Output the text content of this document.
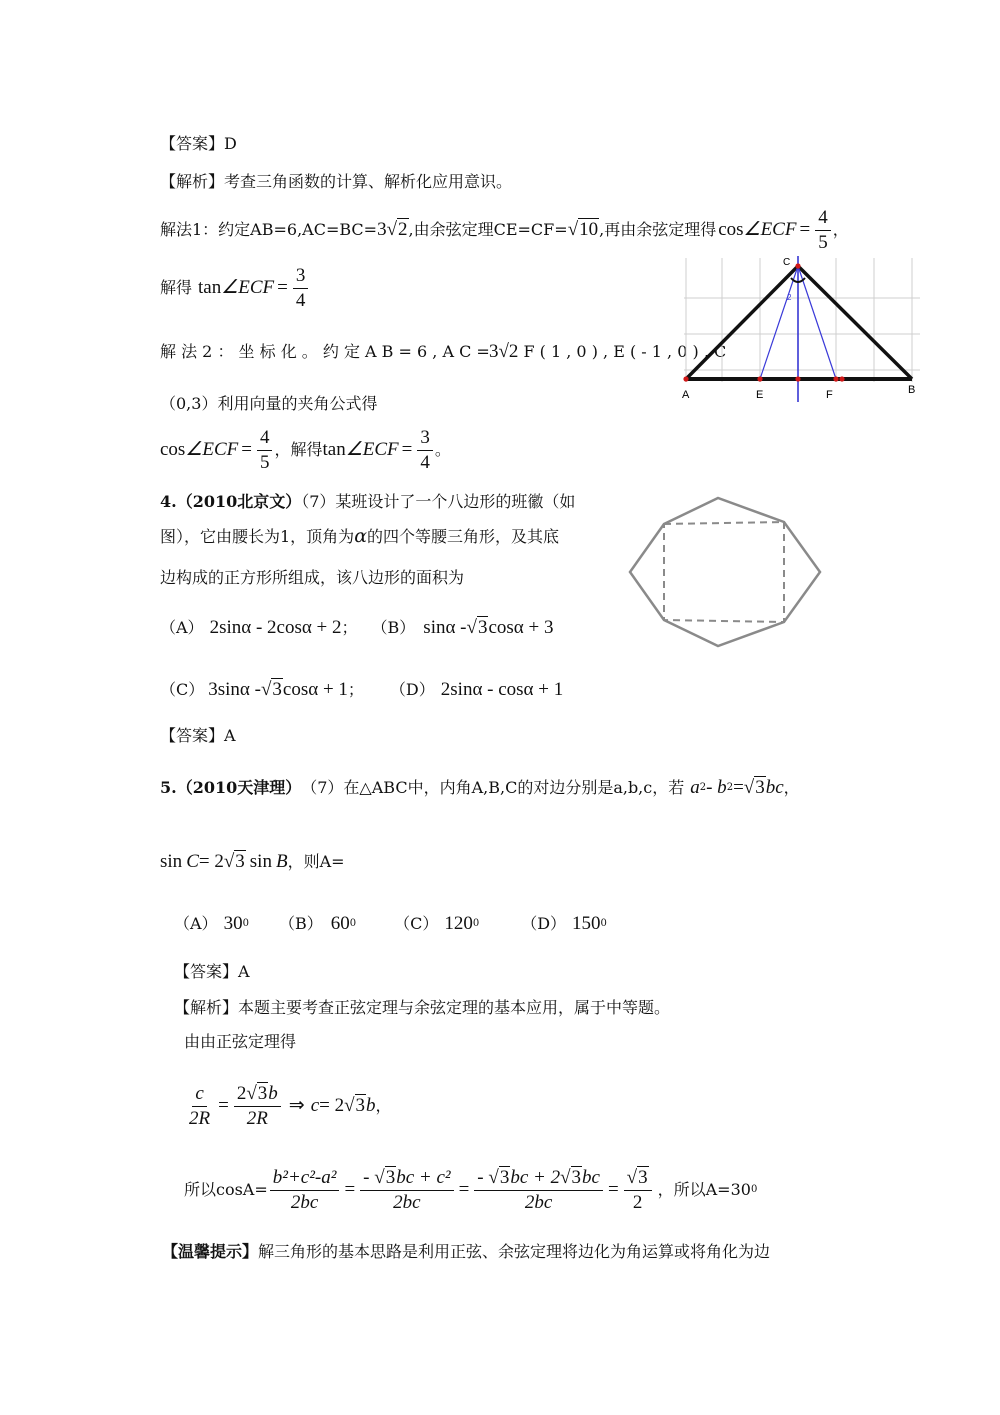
【答案】D
【解析】考查三角函数的计算、解析化应用意识。
解法1：约定AB=6,AC=BC= 3√2 ,由余弦定理CE=CF= √10 ,再由余弦定理得 cos ∠ECF = $\frac{4}{5}$ ，
解得 tan ∠ECF = $\frac{3}{4}$
解 法 2 ： 坐 标 化 。 约 定 A B = 6 , A C = 3√2 F ( 1 , 0 ) , E ( - 1 , 0 ) , C
（0,3）利用向量的夹角公式得
cos ∠ECF = $\frac{4}{5}$ ，解得 tan ∠ECF = $\frac{3}{4}$ 。
A	E	F	B
C
2
4.（2010北京文）（7）某班设计了一个八边形的班徽（如
图），它由腰长为1，顶角为α的四个等腰三角形，及其底
边构成的正方形所组成，该八边形的面积为
（A） 2sinα - 2cosα + 2 ； （B） sinα - √3 cosα + 3
（C） 3sinα - √3 cosα + 1 ； （D） 2sinα - cosα + 1
【答案】A
5.（2010天津理） （7）在△ABC中，内角A,B,C的对边分别是a,b,c，若 a 2 - b 2 = √3 bc ，
sin C = 2 √3 sin B ，则A=
（A） 30 0 （B） 60 0 （C） 120 0	（D） 150 0
【答案】A
【解析】本题主要考查正弦定理与余弦定理的基本应用，属于中等题。
由由正弦定理得
$\frac{c}{2R} = \frac{2√3b}{2R}$ ⇒ c = 2 √3 b ，
所以$\cos A= \frac{\text{b²+c²-a²}}{2bc} = \frac{\text{- √3bc + c²}}{2bc} = \frac{- √3bc + 2√3bc}{2bc} = \frac{√3}{2}$ ，所以A=30 0
【温馨提示】解三角形的基本思路是利用正弦、余弦定理将边化为角运算或将角化为边
